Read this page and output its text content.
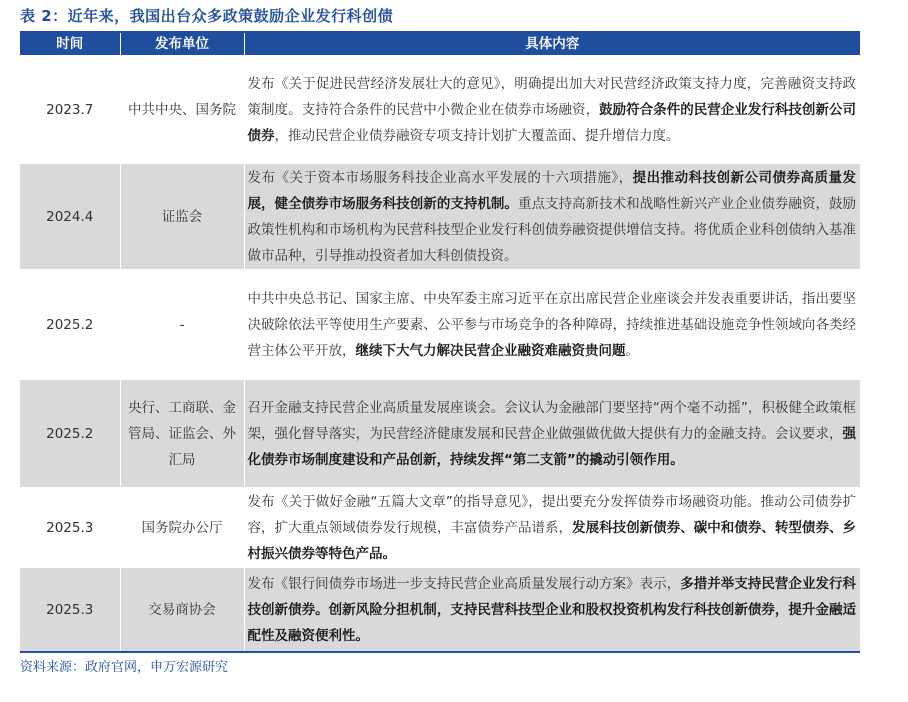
表 2：近年来，我国出台众多政策鼓励企业发行科创债
时间	发布单位	具体内容
2023.7	中共中央、国务院	发布《关于促进民营经济发展壮大的意见》，明确提出加大对民营经济政策支持力度，完善融资支持政策制度。支持符合条件的民营中小微企业在债券市场融资，鼓励符合条件的民营企业发行科技创新公司债券，推动民营企业债券融资专项支持计划扩大覆盖面、提升增信力度。
2024.4	证监会	发布《关于资本市场服务科技企业高水平发展的十六项措施》，提出推动科技创新公司债券高质量发展，健全债券市场服务科技创新的支持机制。重点支持高新技术和战略性新兴产业企业债券融资，鼓励政策性机构和市场机构为民营科技型企业发行科创债券融资提供增信支持。将优质企业科创债纳入基准做市品种，引导推动投资者加大科创债投资。
2025.2	-	中共中央总书记、国家主席、中央军委主席习近平在京出席民营企业座谈会并发表重要讲话，指出要坚决破除依法平等使用生产要素、公平参与市场竞争的各种障碍，持续推进基础设施竞争性领域向各类经营主体公平开放，继续下大气力解决民营企业融资难融资贵问题。
2025.2	央行、工商联、金管局、证监会、外汇局	召开金融支持民营企业高质量发展座谈会。会议认为金融部门要坚持“两个毫不动摇”，积极健全政策框架，强化督导落实，为民营经济健康发展和民营企业做强做优做大提供有力的金融支持。会议要求，强化债券市场制度建设和产品创新，持续发挥“第二支箭”的撬动引领作用。
2025.3	国务院办公厅	发布《关于做好金融“五篇大文章”的指导意见》，提出要充分发挥债券市场融资功能。推动公司债券扩容，扩大重点领域债券发行规模，丰富债券产品谱系，发展科技创新债券、碳中和债券、转型债券、乡村振兴债券等特色产品。
2025.3	交易商协会	发布《银行间债券市场进一步支持民营企业高质量发展行动方案》表示，多措并举支持民营企业发行科技创新债券。创新风险分担机制，支持民营科技型企业和股权投资机构发行科技创新债券，提升金融适配性及融资便利性。
资料来源：政府官网，申万宏源研究
